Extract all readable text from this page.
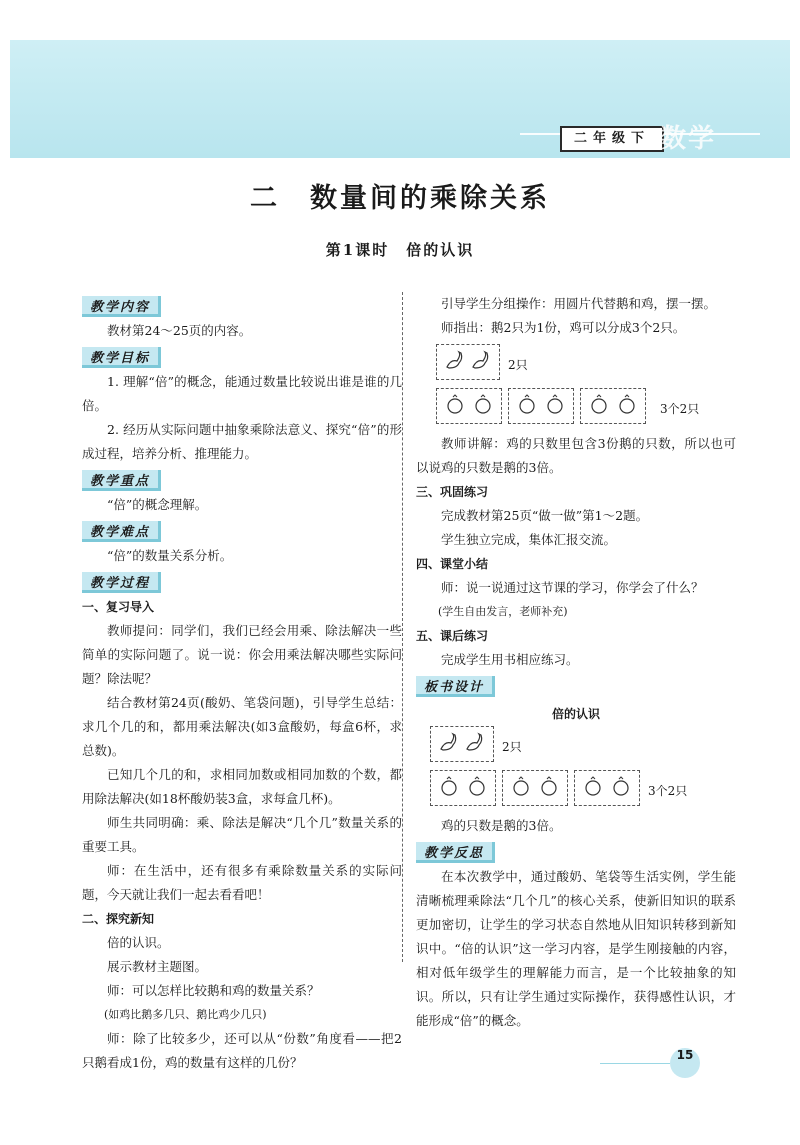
二年级下 数学
二　数量间的乘除关系
第1课时　倍的认识
教学内容

教材第24～25页的内容。

教学目标

1. 理解“倍”的概念，能通过数量比较说出谁是谁的几倍。

2. 经历从实际问题中抽象乘除法意义、探究“倍”的形成过程，培养分析、推理能力。

教学重点

“倍”的概念理解。

教学难点

“倍”的数量关系分析。

教学过程

一、复习导入

教师提问：同学们，我们已经会用乘、除法解决一些简单的实际问题了。说一说：你会用乘法解决哪些实际问题？除法呢？

结合教材第24页(酸奶、笔袋问题)，引导学生总结：求几个几的和，都用乘法解决(如3盒酸奶，每盒6杯，求总数)。

已知几个几的和，求相同加数或相同加数的个数，都用除法解决(如18杯酸奶装3盒，求每盒几杯)。

师生共同明确：乘、除法是解决“几个几”数量关系的重要工具。

师：在生活中，还有很多有乘除数量关系的实际问题，今天就让我们一起去看看吧！

二、探究新知

倍的认识。

展示教材主题图。

师：可以怎样比较鹅和鸡的数量关系？

(如鸡比鹅多几只、鹅比鸡少几只)

师：除了比较多少，还可以从“份数”角度看——把2只鹅看成1份，鸡的数量有这样的几份？

引导学生分组操作：用圆片代替鹅和鸡，摆一摆。

师指出：鹅2只为1份，鸡可以分成3个2只。

2只
3个2只

教师讲解：鸡的只数里包含3份鹅的只数，所以也可以说鸡的只数是鹅的3倍。

三、巩固练习

完成教材第25页“做一做”第1～2题。

学生独立完成，集体汇报交流。

四、课堂小结

师：说一说通过这节课的学习，你学会了什么？

(学生自由发言，老师补充)

五、课后练习

完成学生用书相应练习。

板书设计
倍的认识
2只
3个2只

鸡的只数是鹅的3倍。

教学反思

在本次教学中，通过酸奶、笔袋等生活实例，学生能清晰梳理乘除法“几个几”的核心关系，使新旧知识的联系更加密切，让学生的学习状态自然地从旧知识转移到新知识中。“倍的认识”这一学习内容，是学生刚接触的内容，相对低年级学生的理解能力而言，是一个比较抽象的知识。所以，只有让学生通过实际操作，获得感性认识，才能形成“倍”的概念。

15
